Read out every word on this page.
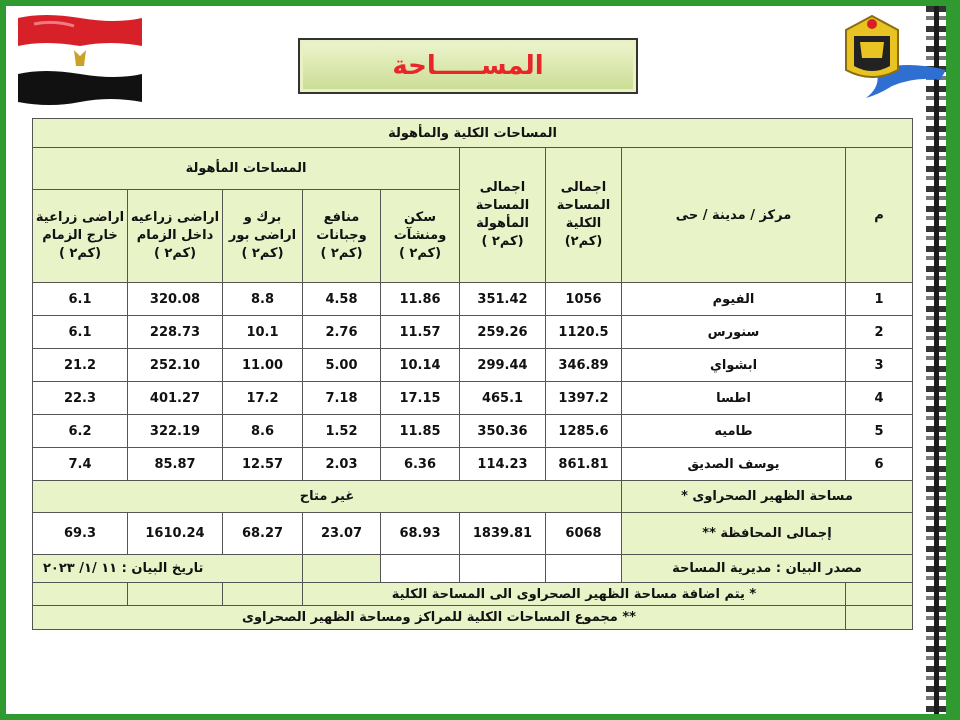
المســـــاحة
المساحات الكلية والمأهولة								
المساحات المأهولة					اجمالى المساحة المأهولة (كم٢ )	اجمالى المساحة الكلية (كم٢)	مركز / مدينة / حى	م
اراضى زراعية خارج الزمام (كم٢ )	اراضى زراعيه داخل الزمام (كم٢ )	برك و اراضى بور (كم٢ )	منافع وجبانات (كم٢ )	سكن ومنشآت (كم٢ )				
6.1	320.08	8.8	4.58	11.86	351.42	1056	الفيوم	1
6.1	228.73	10.1	2.76	11.57	259.26	1120.5	سنورس	2
21.2	252.10	11.00	5.00	10.14	299.44	346.89	ابشواي	3
22.3	401.27	17.2	7.18	17.15	465.1	1397.2	اطسا	4
6.2	322.19	8.6	1.52	11.85	350.36	1285.6	طاميه	5
7.4	85.87	12.57	2.03	6.36	114.23	861.81	يوسف الصديق	6
غير متاح							مساحة الظهير الصحراوى *	
69.3	1610.24	68.27	23.07	68.93	1839.81	6068	إجمالى المحافظة **	
تاريخ البيان : ١١ /١/ ٢٠٢٣							مصدر البيان : مديرية المساحة	
			* يتم اضافة مساحة الظهير الصحراوى الى المساحة الكلية					
** مجموع المساحات الكلية للمراكز ومساحة الظهير الصحراوى								
